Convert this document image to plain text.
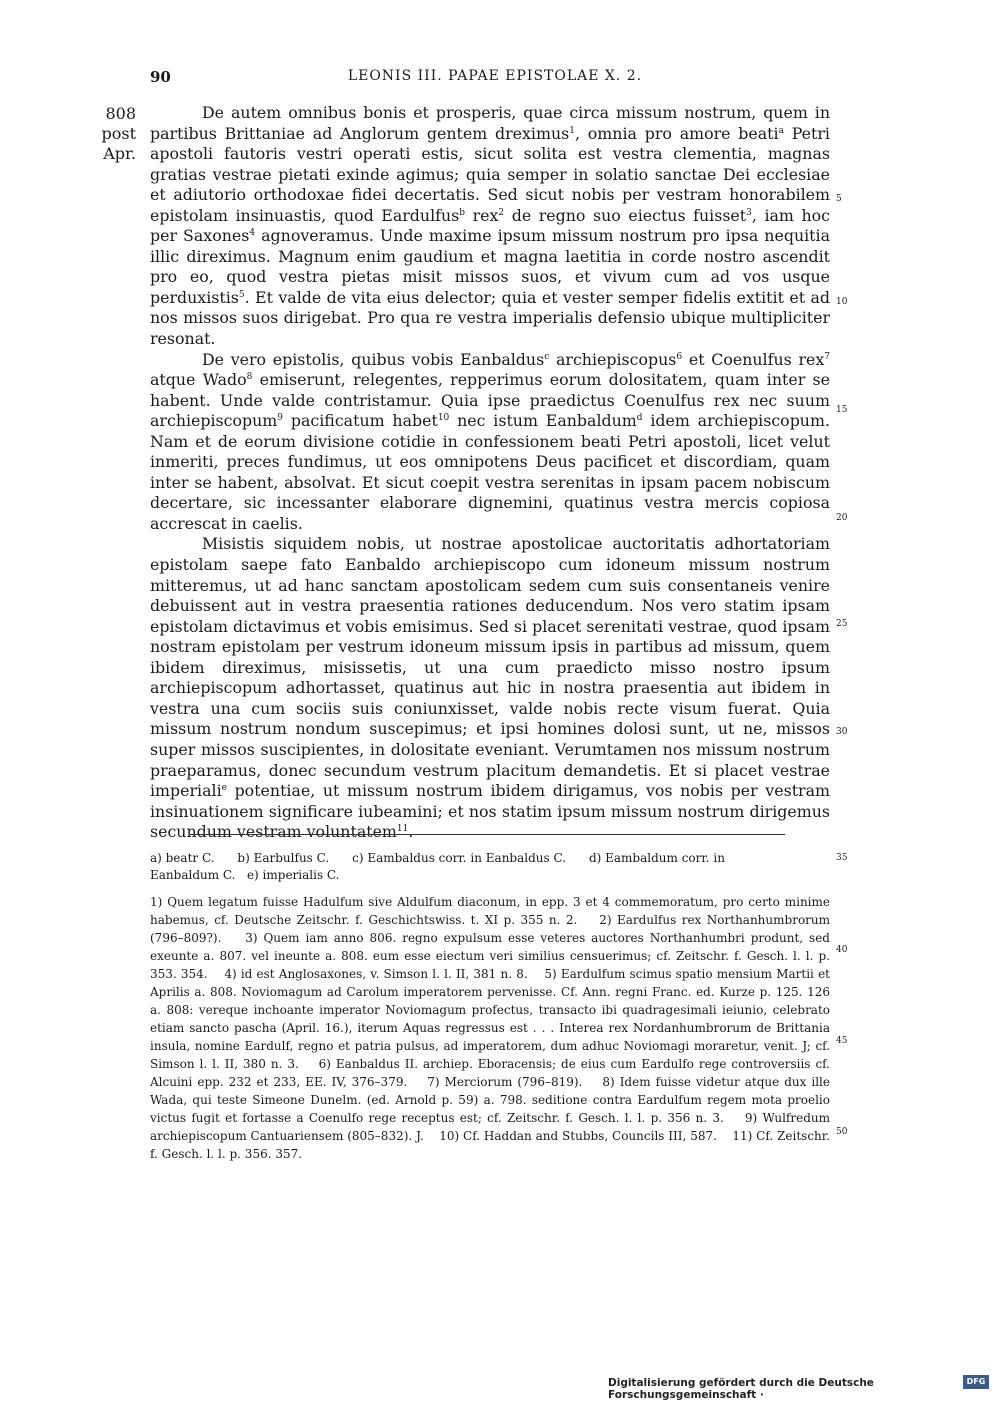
90	LEONIS III. PAPAE EPISTOLAE X. 2.
808
post Apr.

De autem omnibus bonis et prosperis, quae circa missum nostrum, quem in partibus Brittaniae ad Anglorum gentem dreximus$^1$, omnia pro amore beati$^a$ Petri apostoli fautoris vestri operati estis, sicut solita est vestra clementia, magnas gratias vestrae pietati exinde agimus; quia semper in solatio sanctae Dei ecclesiae et adiutorio orthodoxae fidei decertatis. Sed sicut nobis per vestram honorabilem epistolam insinuastis, quod Eardulfus$^b$ rex$^2$ de regno suo eiectus fuisset$^3$, iam hoc per Saxones$^4$ agnoveramus. Unde maxime ipsum missum nostrum pro ipsa nequitia illic direximus. Magnum enim gaudium et magna laetitia in corde nostro ascendit pro eo, quod vestra pietas misit missos suos, et vivum cum ad vos usque perduxistis$^5$. Et valde de vita eius delector; quia et vester semper fidelis extitit et ad nos missos suos dirigebat. Pro qua re vestra imperialis defensio ubique multipliciter resonat.

De vero epistolis, quibus vobis Eanbaldus$^c$ archiepiscopus$^6$ et Coenulfus rex$^7$ atque Wado$^8$ emiserunt, relegentes, repperimus eorum dolositatem, quam inter se habent. Unde valde contristamur. Quia ipse praedictus Coenulfus rex nec suum archiepiscopum$^9$ pacificatum habet$^{10}$ nec istum Eanbaldum$^d$ idem archiepiscopum. Nam et de eorum divisione cotidie in confessionem beati Petri apostoli, licet velut inmeriti, preces fundimus, ut eos omnipotens Deus pacificet et discordiam, quam inter se habent, absolvat. Et sicut coepit vestra serenitas in ipsam pacem nobiscum decertare, sic incessanter elaborare dignemini, quatinus vestra mercis copiosa accrescat in caelis.

Misistis siquidem nobis, ut nostrae apostolicae auctoritatis adhortatoriam epistolam saepe fato Eanbaldo archiepiscopo cum idoneum missum nostrum mitteremus, ut ad hanc sanctam apostolicam sedem cum suis consentaneis venire debuissent aut in vestra praesentia rationes deducendum. Nos vero statim ipsam epistolam dictavimus et vobis emisimus. Sed si placet serenitati vestrae, quod ipsam nostram epistolam per vestrum idoneum missum ipsis in partibus ad missum, quem ibidem direximus, misissetis, ut una cum praedicto misso nostro ipsum archiepiscopum adhortasset, quatinus aut hic in nostra praesentia aut ibidem in vestra una cum sociis suis coniunxisset, valde nobis recte visum fuerat. Quia missum nostrum nondum suscepimus; et ipsi homines dolosi sunt, ut ne, missos super missos suscipientes, in dolositate eveniant. Verumtamen nos missum nostrum praeparamus, donec secundum vestrum placitum demandetis. Et si placet vestrae imperiali$^e$ potentiae, ut missum nostrum ibidem dirigamus, vos nobis per vestram insinuationem significare iubeamini; et nos statim ipsum missum nostrum dirigemus secundum vestram voluntatem$^{11}$.

5
10
15
20
25
30
35
40
45
50
a) beatr C. b) Earbulfus C. c) Eambaldus corr. in Eanbaldus C. d) Eambaldum corr. in
Eanbaldum C. e) imperialis C.
1) Quem legatum fuisse Hadulfum sive Aldulfum diaconum, in epp. 3 et 4 commemoratum, pro certo minime habemus, cf. Deutsche Zeitschr. f. Geschichtswiss. t. XI p. 355 n. 2. 2) Eardulfus rex Northanhumbrorum (796–809?). 3) Quem iam anno 806. regno expulsum esse veteres auctores Northanhumbri produnt, sed exeunte a. 807. vel ineunte a. 808. eum esse eiectum veri similius censuerimus; cf. Zeitschr. f. Gesch. l. l. p. 353. 354. 4) id est Anglosaxones, v. Simson l. l. II, 381 n. 8. 5) Eardulfum scimus spatio mensium Martii et Aprilis a. 808. Noviomagum ad Carolum imperatorem pervenisse. Cf. Ann. regni Franc. ed. Kurze p. 125. 126 a. 808: vereque inchoante imperator Noviomagum profectus, transacto ibi quadragesimali ieiunio, celebrato etiam sancto pascha (April. 16.), iterum Aquas regressus est . . . Interea rex Nordanhumbrorum de Brittania insula, nomine Eardulf, regno et patria pulsus, ad imperatorem, dum adhuc Noviomagi moraretur, venit. J; cf. Simson l. l. II, 380 n. 3. 6) Eanbaldus II. archiep. Eboracensis; de eius cum Eardulfo rege controversiis cf. Alcuini epp. 232 et 233, EE. IV, 376–379. 7) Merciorum (796–819). 8) Idem fuisse videtur atque dux ille Wada, qui teste Simeone Dunelm. (ed. Arnold p. 59) a. 798. seditione contra Eardulfum regem mota proelio victus fugit et fortasse a Coenulfo rege receptus est; cf. Zeitschr. f. Gesch. l. l. p. 356 n. 3. 9) Wulfredum archiepiscopum Cantuariensem (805–832). J. 10) Cf. Haddan and Stubbs, Councils III, 587. 11) Cf. Zeitschr. f. Gesch. l. l. p. 356. 357.
Digitalisierung gefördert durch die Deutsche Forschungsgemeinschaft ·
DFG
